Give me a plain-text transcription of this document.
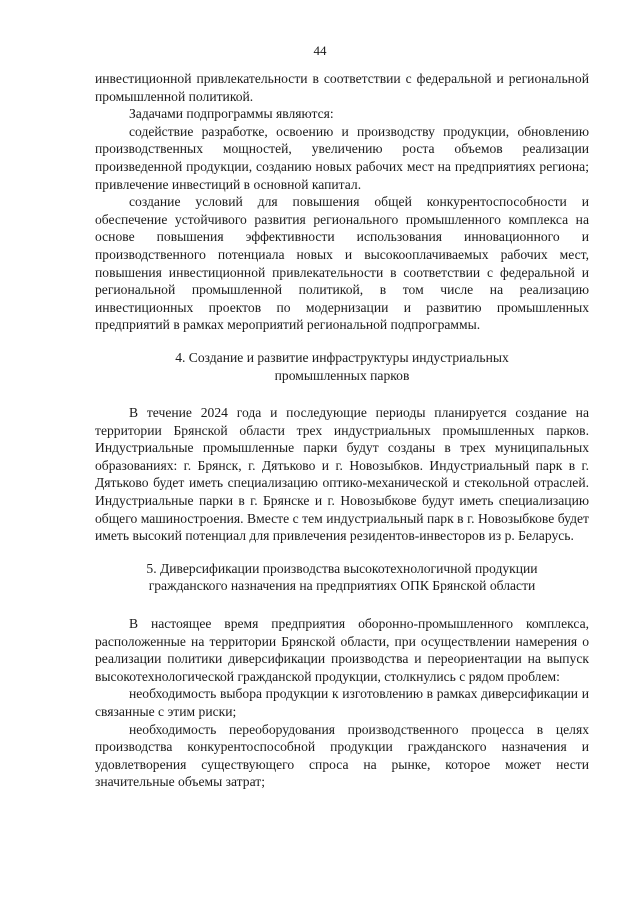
44

инвестиционной привлекательности в соответствии с федеральной и региональной промышленной политикой.

Задачами подпрограммы являются:

содействие разработке, освоению и производству продукции, обновлению производственных мощностей, увеличению роста объемов реализации произведенной продукции, созданию новых рабочих мест на предприятиях региона; привлечение инвестиций в основной капитал.

создание условий для повышения общей конкурентоспособности и обеспечение устойчивого развития регионального промышленного комплекса на основе повышения эффективности использования инновационного и производственного потенциала новых и высокооплачиваемых рабочих мест, повышения инвестиционной привлекательности в соответствии с федеральной и региональной промышленной политикой, в том числе на реализацию инвестиционных проектов по модернизации и развитию промышленных предприятий в рамках мероприятий региональной подпрограммы.

4. Создание и развитие инфраструктуры индустриальных
промышленных парков

В течение 2024 года и последующие периоды планируется создание на территории Брянской области трех индустриальных промышленных парков. Индустриальные промышленные парки будут созданы в трех муниципальных образованиях: г. Брянск, г. Дятьково и г. Новозыбков. Индустриальный парк в г. Дятьково будет иметь специализацию оптико-механической и стекольной отраслей. Индустриальные парки в г. Брянске и г. Новозыбкове будут иметь специализацию общего машиностроения. Вместе с тем индустриальный парк в г. Новозыбкове будет иметь высокий потенциал для привлечения резидентов-инвесторов из р. Беларусь.

5. Диверсификации производства высокотехнологичной продукции
гражданского назначения на предприятиях ОПК Брянской области

В настоящее время предприятия оборонно-промышленного комплекса, расположенные на территории Брянской области, при осуществлении намерения о реализации политики диверсификации производства и переориентации на выпуск высокотехнологической гражданской продукции, столкнулись с рядом проблем:

необходимость выбора продукции к изготовлению в рамках диверсификации и связанные с этим риски;

необходимость переоборудования производственного процесса в целях производства конкурентоспособной продукции гражданского назначения и удовлетворения существующего спроса на рынке, которое может нести значительные объемы затрат;
